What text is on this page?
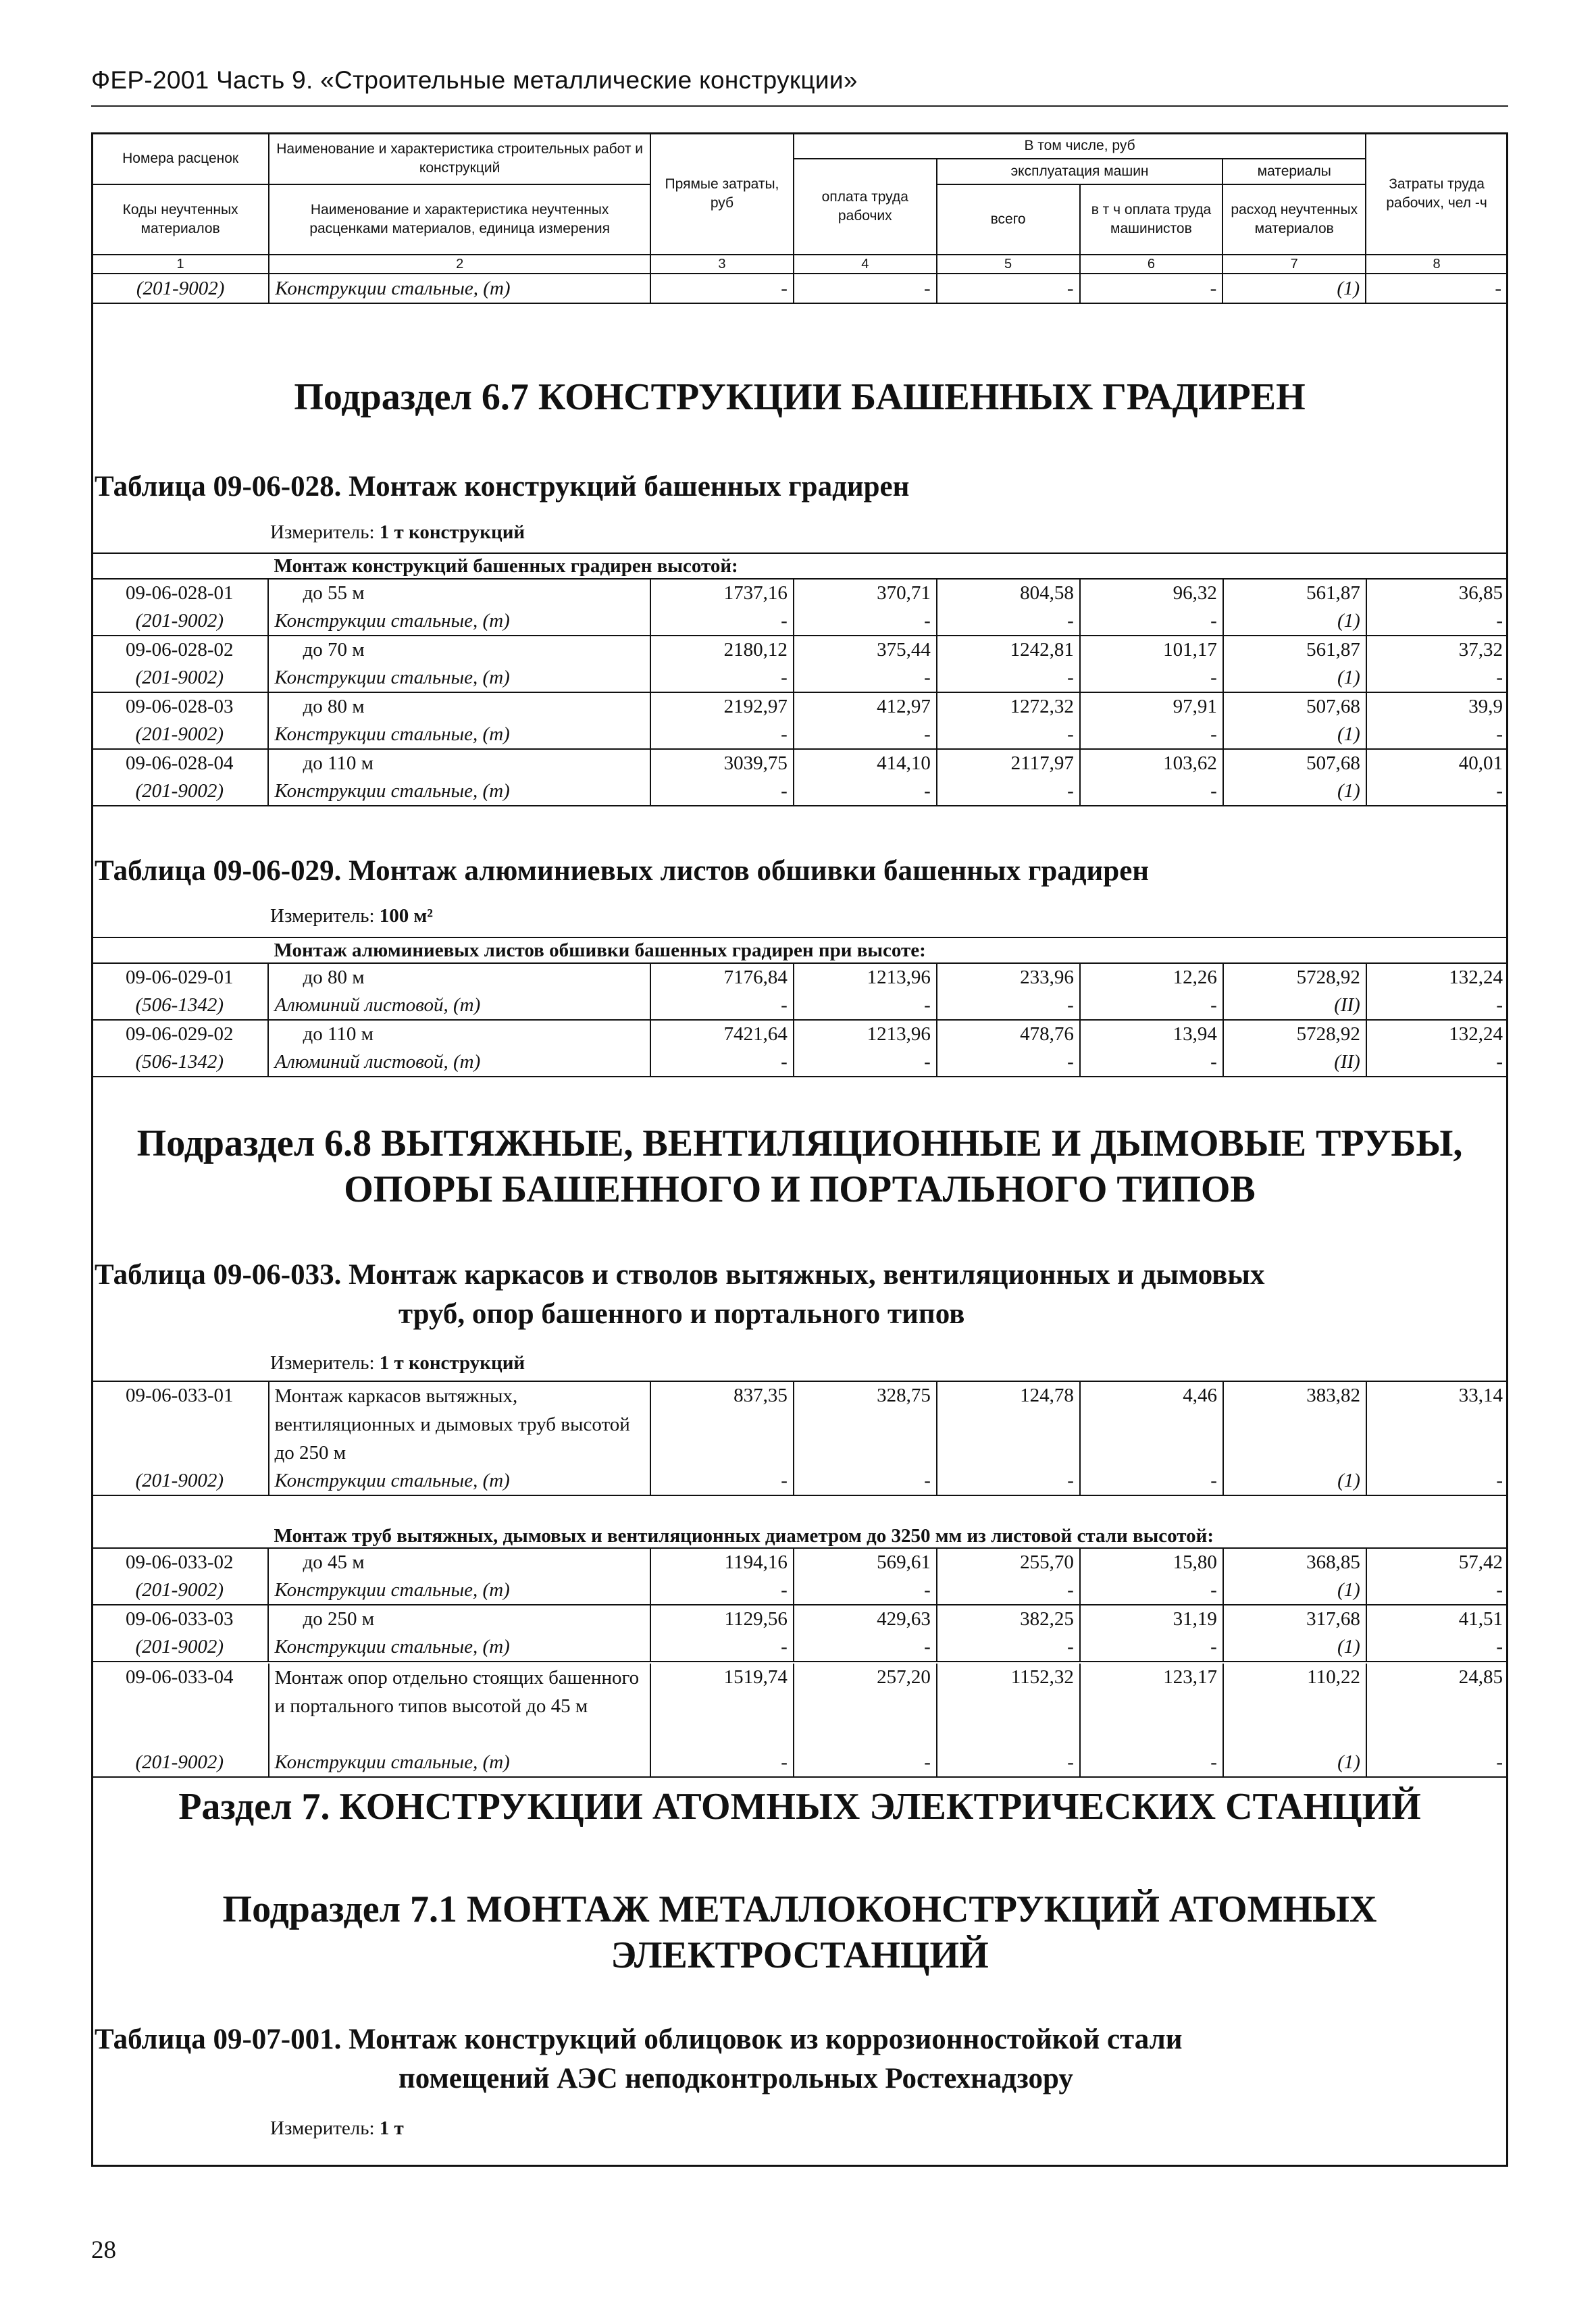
ФЕР-2001 Часть 9. «Строительные металлические конструкции»
Номера расценок	Наименование и характеристика строительных работ и конструкций	Прямые затраты, руб	В том числе, руб				Затраты труда рабочих, чел -ч
			оплата труда рабочих	эксплуатация машин		материалы	
Коды неучтенных материалов	Наименование и характеристика неучтенных расценками материалов, единица измерения			всего	в т ч оплата труда машинистов	расход неучтенных материалов	

1	2	3	4	5	6	7	8
(201-9002)	Конструкции стальные, (т)	-	-	-	-	(1)	-
Подраздел 6.7 КОНСТРУКЦИИ БАШЕННЫХ ГРАДИРЕН
Таблица 09-06-028. Монтаж конструкций башенных градирен
Измеритель: 1 т конструкций
	Монтаж конструкций башенных градирен высотой:						
09-06-028-01	до 55 м	1737,16	370,71	804,58	96,32	561,87	36,85
(201-9002)	Конструкции стальные, (т)	-	-	-	-	(1)	-
09-06-028-02	до 70 м	2180,12	375,44	1242,81	101,17	561,87	37,32
(201-9002)	Конструкции стальные, (т)	-	-	-	-	(1)	-
09-06-028-03	до 80 м	2192,97	412,97	1272,32	97,91	507,68	39,9
(201-9002)	Конструкции стальные, (т)	-	-	-	-	(1)	-
09-06-028-04	до 110 м	3039,75	414,10	2117,97	103,62	507,68	40,01
(201-9002)	Конструкции стальные, (т)	-	-	-	-	(1)	-
Таблица 09-06-029. Монтаж алюминиевых листов обшивки башенных градирен
Измеритель: 100 м²
	Монтаж алюминиевых листов обшивки башенных градирен при высоте:						
09-06-029-01	до 80 м	7176,84	1213,96	233,96	12,26	5728,92	132,24
(506-1342)	Алюминий листовой, (т)	-	-	-	-	(II)	-
09-06-029-02	до 110 м	7421,64	1213,96	478,76	13,94	5728,92	132,24
(506-1342)	Алюминий листовой, (т)	-	-	-	-	(II)	-
Подраздел 6.8 ВЫТЯЖНЫЕ, ВЕНТИЛЯЦИОННЫЕ И ДЫМОВЫЕ ТРУБЫ,
ОПОРЫ БАШЕННОГО И ПОРТАЛЬНОГО ТИПОВ
Таблица 09-06-033. Монтаж каркасов и стволов вытяжных, вентиляционных и дымовых
труб, опор башенного и портального типов
Измеритель: 1 т конструкций
09-06-033-01	Монтаж каркасов вытяжных, вентиляционных и дымовых труб высотой до 250 м	837,35	328,75	124,78	4,46	383,82	33,14
(201-9002)	Конструкции стальные, (т)	-	-	-	-	(1)	-
	Монтаж труб вытяжных, дымовых и вентиляционных диаметром до 3250 мм из листовой стали высотой:						
09-06-033-02	до 45 м	1194,16	569,61	255,70	15,80	368,85	57,42
(201-9002)	Конструкции стальные, (т)	-	-	-	-	(1)	-
09-06-033-03	до 250 м	1129,56	429,63	382,25	31,19	317,68	41,51
(201-9002)	Конструкции стальные, (т)	-	-	-	-	(1)	-
09-06-033-04	Монтаж опор отдельно стоящих башенного и портального типов высотой до 45 м	1519,74	257,20	1152,32	123,17	110,22	24,85
(201-9002)	Конструкции стальные, (т)	-	-	-	-	(1)	-
Раздел 7. КОНСТРУКЦИИ АТОМНЫХ ЭЛЕКТРИЧЕСКИХ СТАНЦИЙ
Подраздел 7.1 МОНТАЖ МЕТАЛЛОКОНСТРУКЦИЙ АТОМНЫХ
ЭЛЕКТРОСТАНЦИЙ
Таблица 09-07-001. Монтаж конструкций облицовок из коррозионностойкой стали
помещений АЭС неподконтрольных Ростехнадзору
Измеритель: 1 т
28
